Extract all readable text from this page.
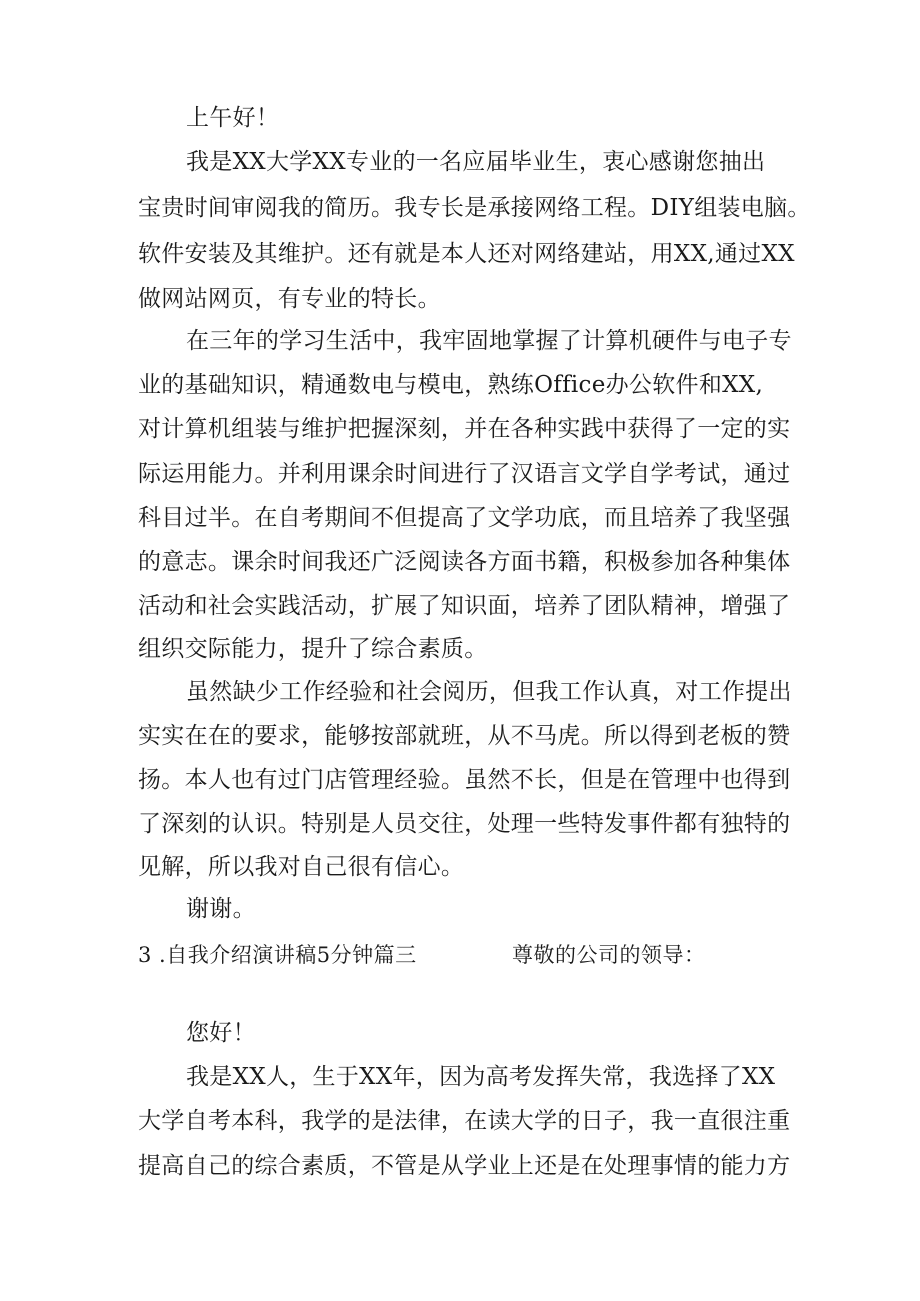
上午好！
我是XX大学XX专业的一名应届毕业生，衷心感谢您抽出
宝贵时间审阅我的简历。我专长是承接网络工程。DIY组装电脑。
软件安装及其维护。还有就是本人还对网络建站，用XX,通过XX
做网站网页，有专业的特长。
在三年的学习生活中，我牢固地掌握了计算机硬件与电子专
业的基础知识，精通数电与模电，熟练Office办公软件和XX,
对计算机组装与维护把握深刻，并在各种实践中获得了一定的实
际运用能力。并利用课余时间进行了汉语言文学自学考试，通过
科目过半。在自考期间不但提高了文学功底，而且培养了我坚强
的意志。课余时间我还广泛阅读各方面书籍，积极参加各种集体
活动和社会实践活动，扩展了知识面，培养了团队精神，增强了
组织交际能力，提升了综合素质。
虽然缺少工作经验和社会阅历，但我工作认真，对工作提出
实实在在的要求，能够按部就班，从不马虎。所以得到老板的赞
扬。本人也有过门店管理经验。虽然不长，但是在管理中也得到
了深刻的认识。特别是人员交往，处理一些特发事件都有独特的
见解，所以我对自己很有信心。
谢谢。
3 .自我介绍演讲稿5分钟篇三	尊敬的公司的领导：
您好！
我是XX人，生于XX年，因为高考发挥失常，我选择了XX
大学自考本科，我学的是法律，在读大学的日子，我一直很注重
提高自己的综合素质，不管是从学业上还是在处理事情的能力方
